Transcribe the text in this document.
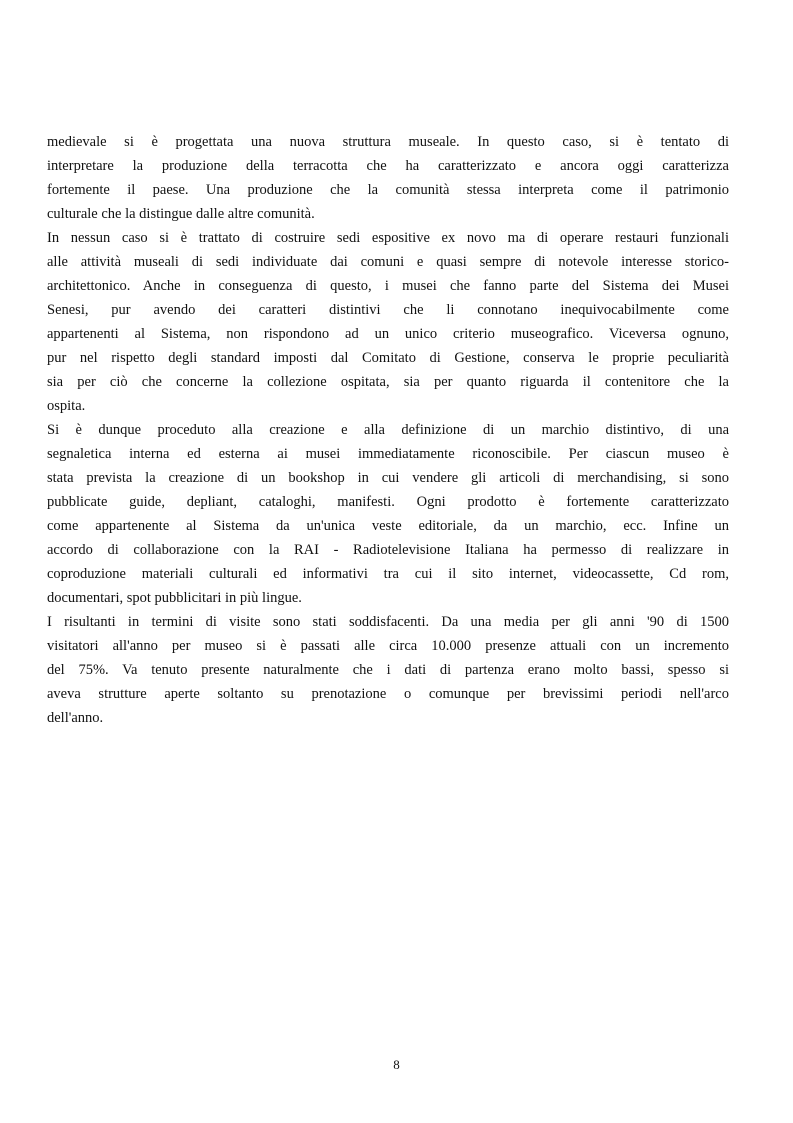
medievale si è progettata una nuova struttura museale. In questo caso, si è tentato di
interpretare la produzione della terracotta che ha caratterizzato e ancora oggi caratterizza
fortemente il paese. Una produzione che la comunità stessa interpreta come il patrimonio
culturale che la distingue dalle altre comunità.
In nessun caso si è trattato di costruire sedi espositive ex novo ma di operare restauri funzionali
alle attività museali di sedi individuate dai comuni e quasi sempre di notevole interesse storico-
architettonico. Anche in conseguenza di questo, i musei che fanno parte del Sistema dei Musei
Senesi, pur avendo dei caratteri distintivi che li connotano inequivocabilmente come
appartenenti al Sistema, non rispondono ad un unico criterio museografico. Viceversa ognuno,
pur nel rispetto degli standard imposti dal Comitato di Gestione, conserva le proprie peculiarità
sia per ciò che concerne la collezione ospitata, sia per quanto riguarda il contenitore che la
ospita.
Si è dunque proceduto alla creazione e alla definizione di un marchio distintivo, di una
segnaletica interna ed esterna ai musei immediatamente riconoscibile. Per ciascun museo è
stata prevista la creazione di un bookshop in cui vendere gli articoli di merchandising, si sono
pubblicate guide, depliant, cataloghi, manifesti. Ogni prodotto è fortemente caratterizzato
come appartenente al Sistema da un'unica veste editoriale, da un marchio, ecc. Infine un
accordo di collaborazione con la RAI - Radiotelevisione Italiana ha permesso di realizzare in
coproduzione materiali culturali ed informativi tra cui il sito internet, videocassette, Cd rom,
documentari, spot pubblicitari in più lingue.
I risultanti in termini di visite sono stati soddisfacenti. Da una media per gli anni '90 di 1500
visitatori all'anno per museo si è passati alle circa 10.000 presenze attuali con un incremento
del 75%. Va tenuto presente naturalmente che i dati di partenza erano molto bassi, spesso si
aveva strutture aperte soltanto su prenotazione o comunque per brevissimi periodi nell'arco
dell'anno.
8
